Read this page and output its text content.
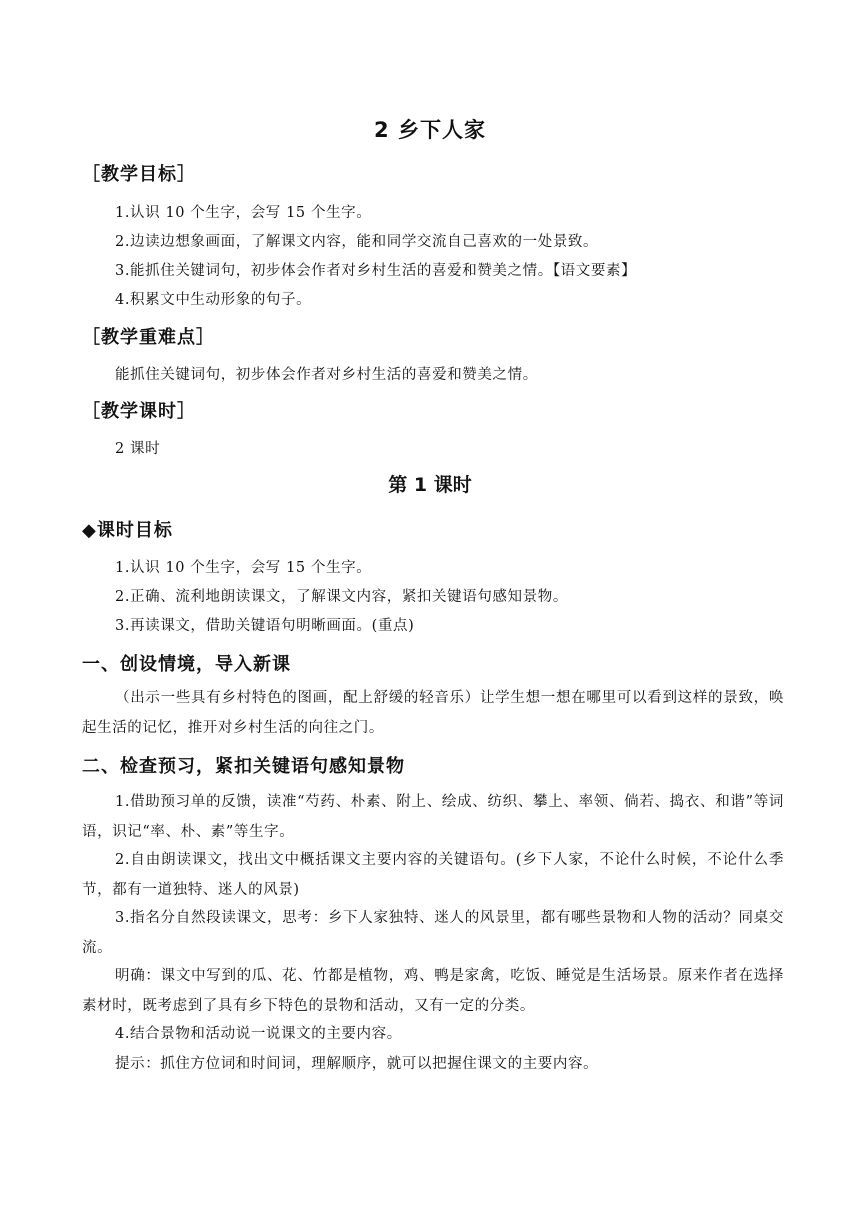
2 乡下人家
［教学目标］
1.认识 10 个生字，会写 15 个生字。
2.边读边想象画面，了解课文内容，能和同学交流自己喜欢的一处景致。
3.能抓住关键词句，初步体会作者对乡村生活的喜爱和赞美之情。【语文要素】
4.积累文中生动形象的句子。
［教学重难点］
能抓住关键词句，初步体会作者对乡村生活的喜爱和赞美之情。
［教学课时］
2 课时
第 1 课时
◆课时目标
1.认识 10 个生字，会写 15 个生字。
2.正确、流利地朗读课文，了解课文内容，紧扣关键语句感知景物。
3.再读课文，借助关键语句明晰画面。(重点)
一、创设情境，导入新课
（出示一些具有乡村特色的图画，配上舒缓的轻音乐）让学生想一想在哪里可以看到这样的景致，唤起生活的记忆，推开对乡村生活的向往之门。
二、检查预习，紧扣关键语句感知景物
1.借助预习单的反馈，读准“芍药、朴素、附上、绘成、纺织、攀上、率领、倘若、捣衣、和谐”等词语，识记“率、朴、素”等生字。
2.自由朗读课文，找出文中概括课文主要内容的关键语句。(乡下人家，不论什么时候，不论什么季节，都有一道独特、迷人的风景)
3.指名分自然段读课文，思考：乡下人家独特、迷人的风景里，都有哪些景物和人物的活动？同桌交流。
明确：课文中写到的瓜、花、竹都是植物，鸡、鸭是家禽，吃饭、睡觉是生活场景。原来作者在选择素材时，既考虑到了具有乡下特色的景物和活动，又有一定的分类。
4.结合景物和活动说一说课文的主要内容。
提示：抓住方位词和时间词，理解顺序，就可以把握住课文的主要内容。
